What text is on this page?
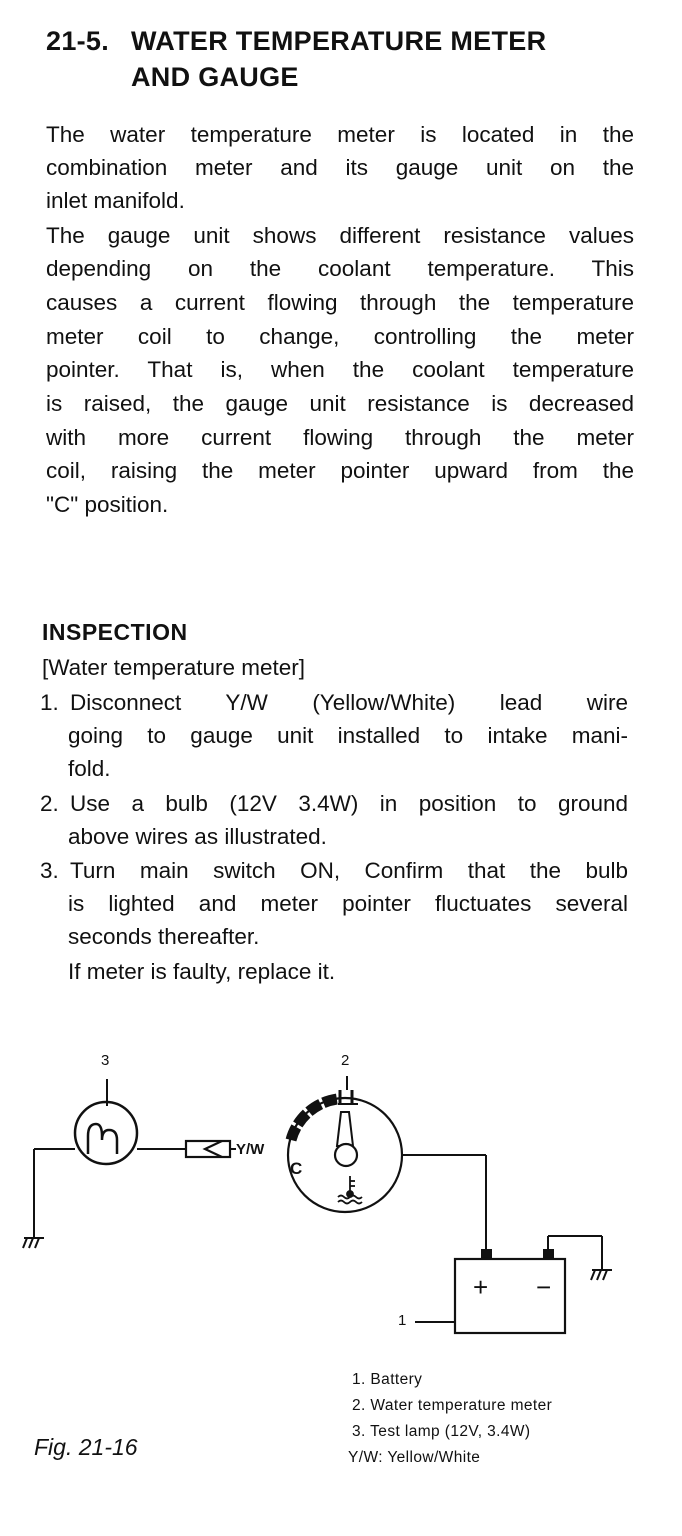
21-5. WATER TEMPERATURE METER
AND GAUGE
The water temperature meter is located in the
combination meter and its gauge unit on the
inlet manifold.
The gauge unit shows different resistance values
depending on the coolant temperature. This
causes a current flowing through the temperature
meter coil to change, controlling the meter
pointer. That is, when the coolant temperature
is raised, the gauge unit resistance is decreased
with more current flowing through the meter
coil, raising the meter pointer upward from the
"C" position.
INSPECTION
[Water temperature meter]
1. Disconnect Y/W (Yellow/White) lead wire
going to gauge unit installed to intake mani-
fold.
2. Use a bulb (12V 3.4W) in position to ground
above wires as illustrated.
3. Turn main switch ON, Confirm that the bulb
is lighted and meter pointer fluctuates several
seconds thereafter.
If meter is faulty, replace it.
3	2
1
Y/W
C
+ −
1. Battery
2. Water temperature meter
3. Test lamp (12V, 3.4W)
Y/W: Yellow/White
Fig. 21-16
